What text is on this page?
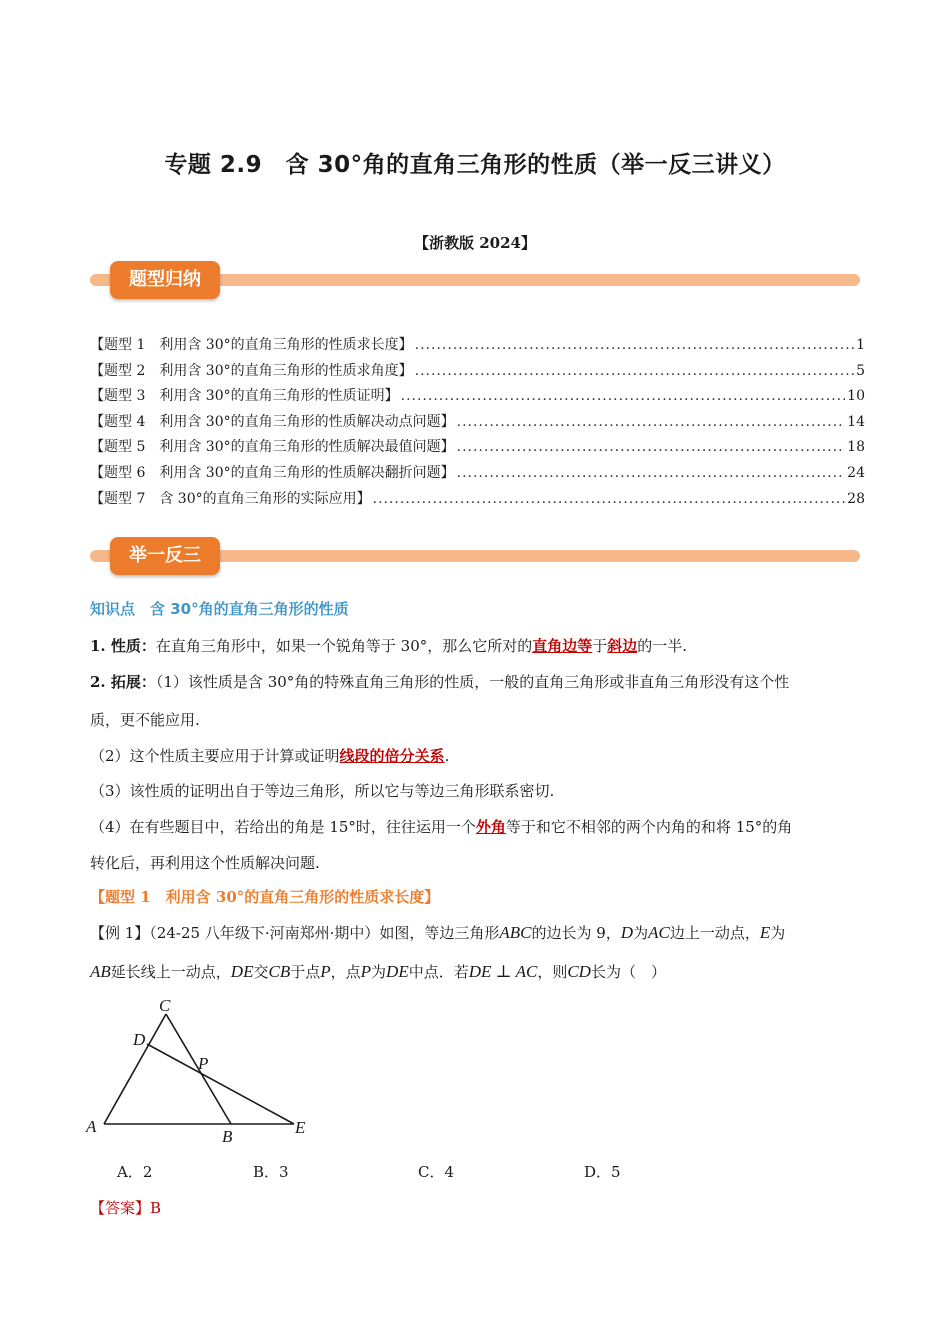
专题 2.9　含 30°角的直角三角形的性质（举一反三讲义）
【浙教版 2024】
题型归纳
【题型 1　利用含 30°的直角三角形的性质求长度】 .....	1
【题型 2　利用含 30°的直角三角形的性质求角度】 .....	5
【题型 3　利用含 30°的直角三角形的性质证明】 .....	10
【题型 4　利用含 30°的直角三角形的性质解决动点问题】 .....	14
【题型 5　利用含 30°的直角三角形的性质解决最值问题】 .....	18
【题型 6　利用含 30°的直角三角形的性质解决翻折问题】 .....	24
【题型 7　含 30°的直角三角形的实际应用】 .....	28
举一反三
知识点　含 30°角的直角三角形的性质
1. 性质：在直角三角形中，如果一个锐角等于 30°，那么它所对的直角边等于斜边的一半.
2. 拓展：（1）该性质是含 30°角的特殊直角三角形的性质，一般的直角三角形或非直角三角形没有这个性
质，更不能应用.
（2）这个性质主要应用于计算或证明线段的倍分关系.
（3）该性质的证明出自于等边三角形，所以它与等边三角形联系密切.
（4）在有些题目中，若给出的角是 15°时，往往运用一个外角等于和它不相邻的两个内角的和将 15°的角
转化后，再利用这个性质解决问题.
【题型 1　利用含 30°的直角三角形的性质求长度】
【例 1】（24-25 八年级下·河南郑州·期中）如图，等边三角形ABC的边长为 9，D为AC边上一动点，E为
AB延长线上一动点，DE交CB于点P，点P为DE中点．若DE ⊥ AC，则CD长为（　）
C
D
P
A
B	E
A．2	B．3	C．4	D．5
【答案】B
